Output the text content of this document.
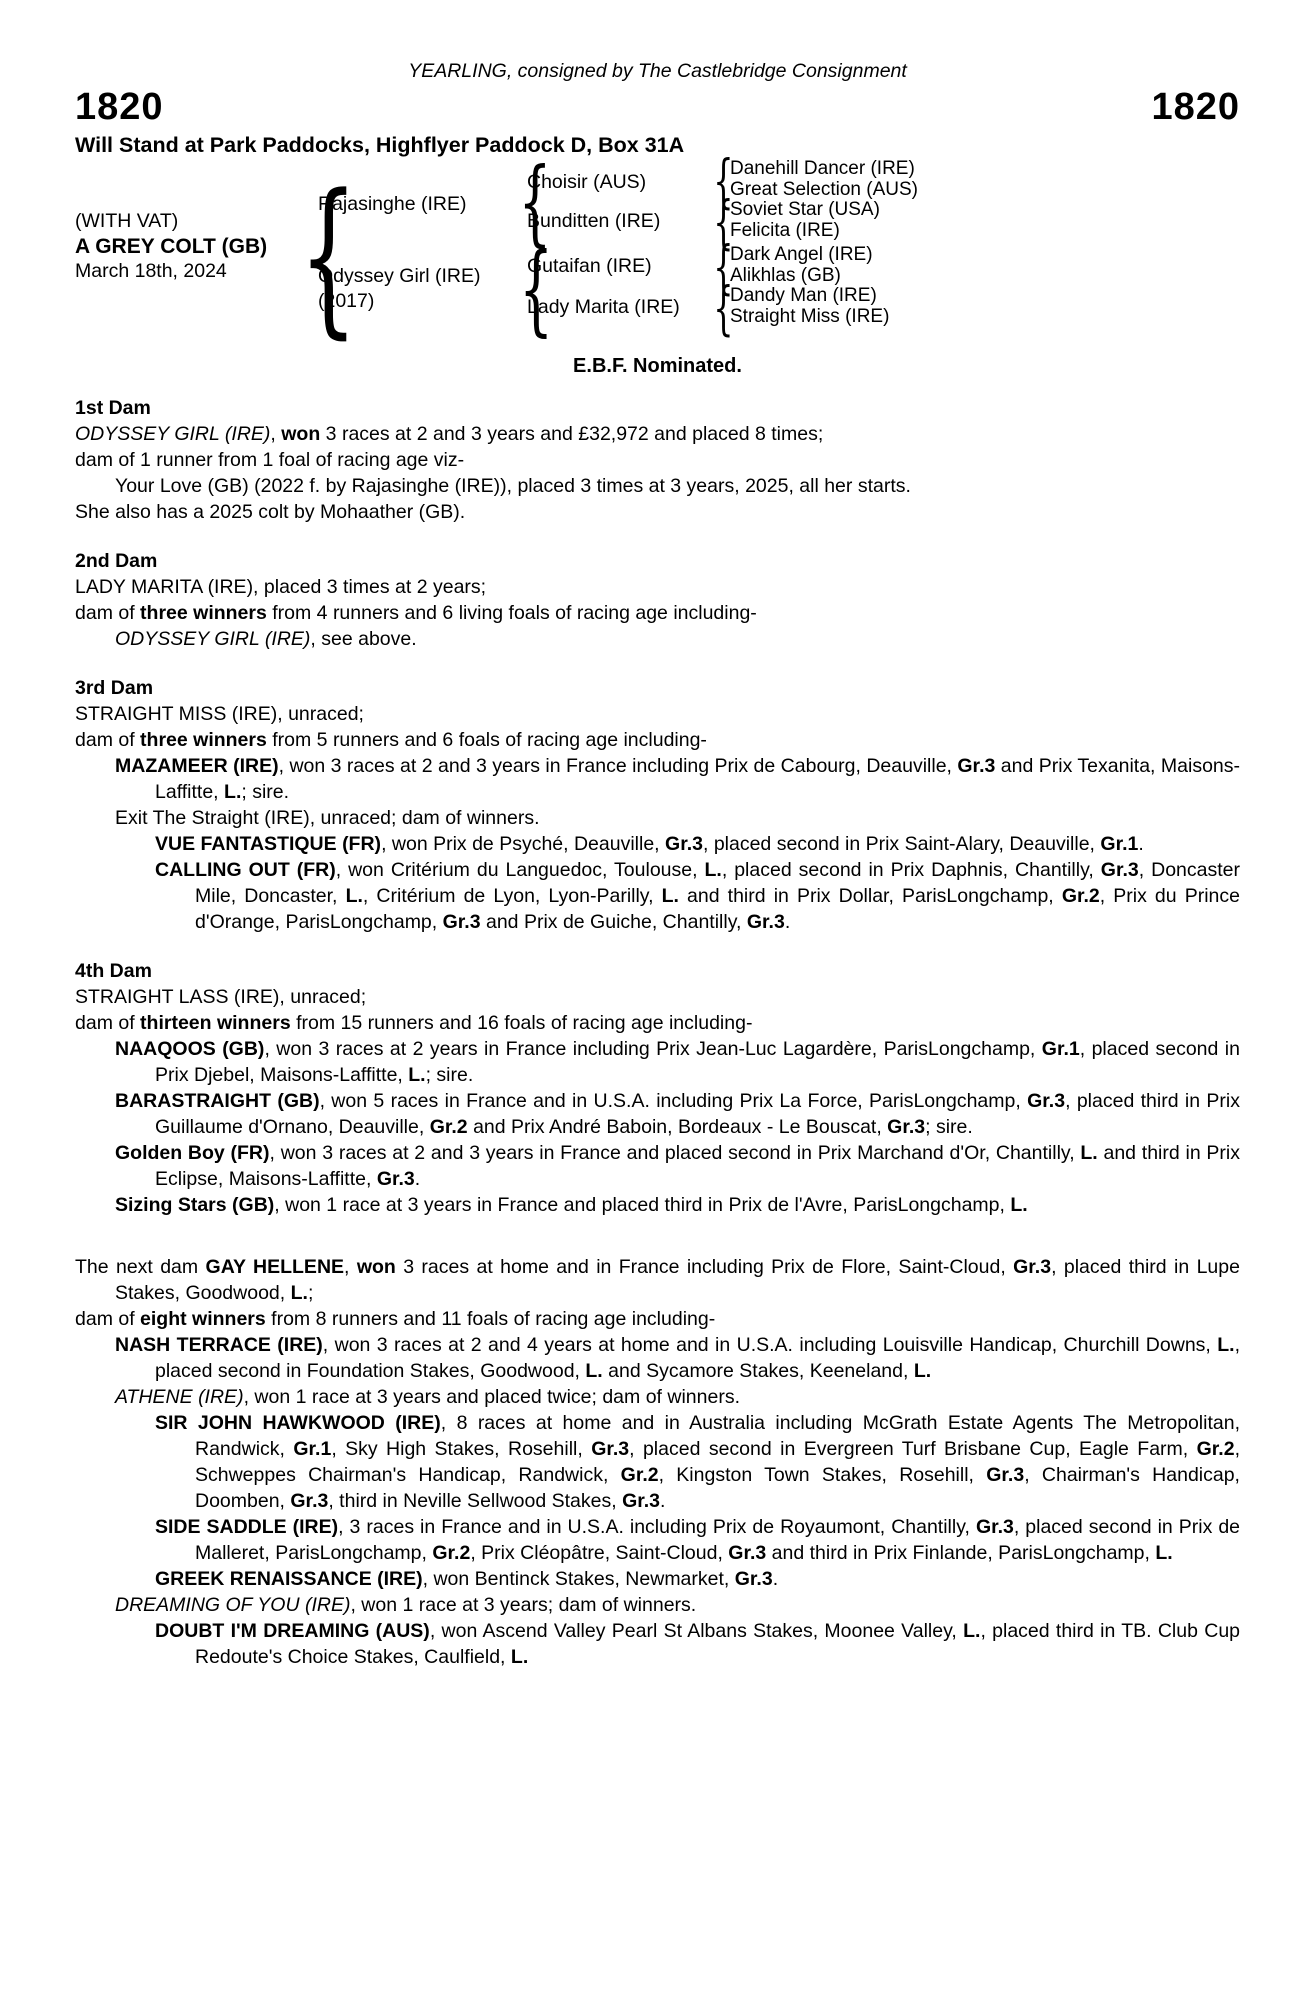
YEARLING, consigned by The Castlebridge Consignment
1820	1820
Will Stand at Park Paddocks, Highflyer Paddock D, Box 31A
(WITH VAT)
A GREY COLT (GB)
March 18th, 2024
{
Rajasinghe (IRE)
Odyssey Girl (IRE)
(2017)
{
{
Choisir (AUS)
Bunditten (IRE)
Gutaifan (IRE)
Lady Marita (IRE)
{
{
{
{
Danehill Dancer (IRE)
Great Selection (AUS)
Soviet Star (USA)
Felicita (IRE)
Dark Angel (IRE)
Alikhlas (GB)
Dandy Man (IRE)
Straight Miss (IRE)
E.B.F. Nominated.
1st Dam
ODYSSEY GIRL (IRE), won 3 races at 2 and 3 years and £32,972 and placed 8 times;
dam of 1 runner from 1 foal of racing age viz-
Your Love (GB) (2022 f. by Rajasinghe (IRE)), placed 3 times at 3 years, 2025, all her starts.
She also has a 2025 colt by Mohaather (GB).
2nd Dam
LADY MARITA (IRE), placed 3 times at 2 years;
dam of three winners from 4 runners and 6 living foals of racing age including-
ODYSSEY GIRL (IRE), see above.
3rd Dam
STRAIGHT MISS (IRE), unraced;
dam of three winners from 5 runners and 6 foals of racing age including-
MAZAMEER (IRE), won 3 races at 2 and 3 years in France including Prix de Cabourg, Deauville, Gr.3 and Prix Texanita, Maisons-Laffitte, L.; sire.
Exit The Straight (IRE), unraced; dam of winners.
VUE FANTASTIQUE (FR), won Prix de Psyché, Deauville, Gr.3, placed second in Prix Saint-Alary, Deauville, Gr.1.
CALLING OUT (FR), won Critérium du Languedoc, Toulouse, L., placed second in Prix Daphnis, Chantilly, Gr.3, Doncaster Mile, Doncaster, L., Critérium de Lyon, Lyon-Parilly, L. and third in Prix Dollar, ParisLongchamp, Gr.2, Prix du Prince d'Orange, ParisLongchamp, Gr.3 and Prix de Guiche, Chantilly, Gr.3.
4th Dam
STRAIGHT LASS (IRE), unraced;
dam of thirteen winners from 15 runners and 16 foals of racing age including-
NAAQOOS (GB), won 3 races at 2 years in France including Prix Jean-Luc Lagardère, ParisLongchamp, Gr.1, placed second in Prix Djebel, Maisons-Laffitte, L.; sire.
BARASTRAIGHT (GB), won 5 races in France and in U.S.A. including Prix La Force, ParisLongchamp, Gr.3, placed third in Prix Guillaume d'Ornano, Deauville, Gr.2 and Prix André Baboin, Bordeaux - Le Bouscat, Gr.3; sire.
Golden Boy (FR), won 3 races at 2 and 3 years in France and placed second in Prix Marchand d'Or, Chantilly, L. and third in Prix Eclipse, Maisons-Laffitte, Gr.3.
Sizing Stars (GB), won 1 race at 3 years in France and placed third in Prix de l'Avre, ParisLongchamp, L.
The next dam GAY HELLENE, won 3 races at home and in France including Prix de Flore, Saint-Cloud, Gr.3, placed third in Lupe Stakes, Goodwood, L.;
dam of eight winners from 8 runners and 11 foals of racing age including-
NASH TERRACE (IRE), won 3 races at 2 and 4 years at home and in U.S.A. including Louisville Handicap, Churchill Downs, L., placed second in Foundation Stakes, Goodwood, L. and Sycamore Stakes, Keeneland, L.
ATHENE (IRE), won 1 race at 3 years and placed twice; dam of winners.
SIR JOHN HAWKWOOD (IRE), 8 races at home and in Australia including McGrath Estate Agents The Metropolitan, Randwick, Gr.1, Sky High Stakes, Rosehill, Gr.3, placed second in Evergreen Turf Brisbane Cup, Eagle Farm, Gr.2, Schweppes Chairman's Handicap, Randwick, Gr.2, Kingston Town Stakes, Rosehill, Gr.3, Chairman's Handicap, Doomben, Gr.3, third in Neville Sellwood Stakes, Gr.3.
SIDE SADDLE (IRE), 3 races in France and in U.S.A. including Prix de Royaumont, Chantilly, Gr.3, placed second in Prix de Malleret, ParisLongchamp, Gr.2, Prix Cléopâtre, Saint-Cloud, Gr.3 and third in Prix Finlande, ParisLongchamp, L.
GREEK RENAISSANCE (IRE), won Bentinck Stakes, Newmarket, Gr.3.
DREAMING OF YOU (IRE), won 1 race at 3 years; dam of winners.
DOUBT I'M DREAMING (AUS), won Ascend Valley Pearl St Albans Stakes, Moonee Valley, L., placed third in TB. Club Cup Redoute's Choice Stakes, Caulfield, L.
